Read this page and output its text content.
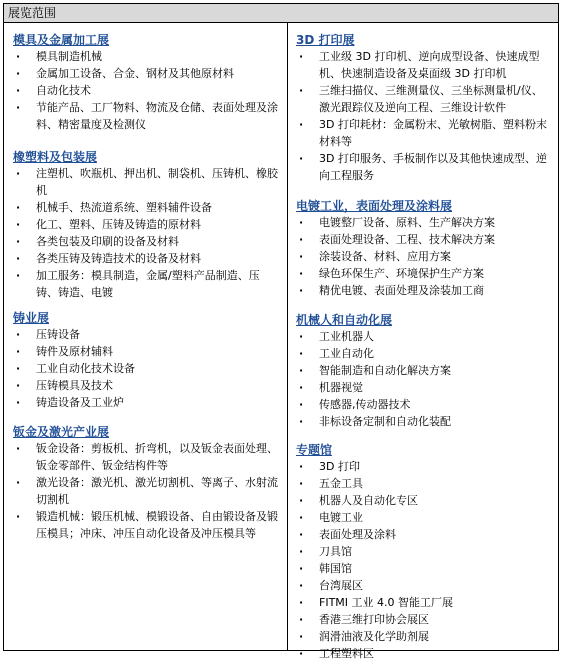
展览范围
模具及金属加工展
· 模具制造机械
· 金属加工设备、合金、钢材及其他原材料
· 自动化技术
· 节能产品、工厂物料、物流及仓储、表面处理及涂料、精密量度及检测仪
橡塑料及包装展
· 注塑机、吹瓶机、押出机、制袋机、压铸机、橡胶机
· 机械手、热流道系统、塑料辅件设备
· 化工、塑料、压铸及铸造的原材料
· 各类包装及印刷的设备及材料
· 各类压铸及铸造技术的设备及材料
· 加工服务：模具制造，金属/塑料产品制造、压铸、铸造、电镀
铸业展
· 压铸设备
· 铸件及原材辅料
· 工业自动化技术设备
· 压铸模具及技术
· 铸造设备及工业炉
钣金及激光产业展
· 钣金设备：剪板机、折弯机，以及钣金表面处理、钣金零部件、钣金结构件等
· 激光设备：激光机、激光切割机、等离子、水射流切割机
· 锻造机械：锻压机械、模锻设备、自由锻设备及锻压模具；冲床、冲压自动化设备及冲压模具等
3D 打印展
· 工业级 3D 打印机、逆向成型设备、快速成型机、快速制造设备及桌面级 3D 打印机
· 三维扫描仪、三维测量仪、三坐标测量机/仪、激光跟踪仪及逆向工程、三维设计软件
· 3D 打印耗材：金属粉末、光敏树脂、塑料粉末材料等
· 3D 打印服务、手板制作以及其他快速成型、逆向工程服务
电镀工业，表面处理及涂料展
· 电镀整厂设备、原料、生产解决方案
· 表面处理设备、工程、技术解决方案
· 涂装设备、材料、应用方案
· 绿色环保生产、环境保护生产方案
· 精优电镀、表面处理及涂装加工商
机械人和自动化展
· 工业机器人
· 工业自动化
· 智能制造和自动化解决方案
· 机器视觉
· 传感器,传动器技术
· 非标设备定制和自动化装配
专题馆
· 3D 打印
· 五金工具
· 机器人及自动化专区
· 电镀工业
· 表面处理及涂料
· 刀具馆
· 韩国馆
· 台湾展区
· FITMI 工业 4.0 智能工厂展
· 香港三维打印协会展区
· 润滑油液及化学助剂展
· 工程塑料区
